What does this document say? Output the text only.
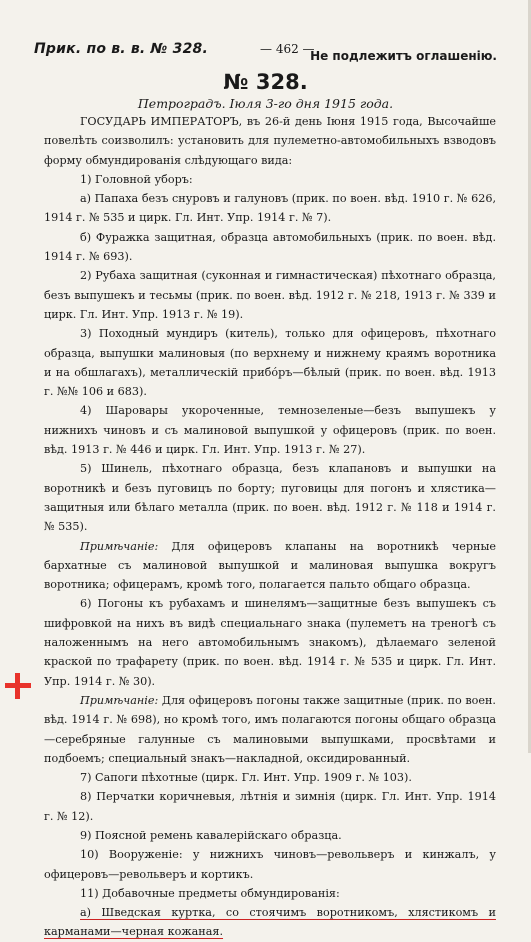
Прик. по в. в. № 328.	— 462 —
Не подлежитъ оглашенію.
№ 328.
Петроградъ. Іюля 3-го дня 1915 года.

ГОСУДАРЬ ИМПЕРАТОРЪ, въ 26-й день Іюня 1915 года, Высочайше повелѣть соизволилъ: установить для пулеметно-автомобильныхъ взводовъ форму обмундированія слѣдующаго вида:

1) Головной уборъ:

а) Папаха безъ снуровъ и галуновъ (прик. по воен. вѣд. 1910 г. № 626, 1914 г. № 535 и цирк. Гл. Инт. Упр. 1914 г. № 7).

б) Фуражка защитная, образца автомобильныхъ (прик. по воен. вѣд. 1914 г. № 693).

2) Рубаха защитная (суконная и гимнастическая) пѣхотнаго образца, безъ выпушекъ и тесьмы (прик. по воен. вѣд. 1912 г. № 218, 1913 г. № 339 и цирк. Гл. Инт. Упр. 1913 г. № 19).

3) Походный мундиръ (китель), только для офицеровъ, пѣхотнаго образца, выпушки малиновыя (по верхнему и нижнему краямъ воротника и на обшлагахъ), металлическій прибо́ръ—бѣлый (прик. по воен. вѣд. 1913 г. №№ 106 и 683).

4) Шаровары укороченные, темнозеленые—безъ выпушекъ у нижнихъ чиновъ и съ малиновой выпушкой у офицеровъ (прик. по воен. вѣд. 1913 г. № 446 и цирк. Гл. Инт. Упр. 1913 г. № 27).

5) Шинель, пѣхотнаго образца, безъ клапановъ и выпушки на воротникѣ и безъ пуговицъ по борту; пуговицы для погонъ и хлястика—защитныя или бѣлаго металла (прик. по воен. вѣд. 1912 г. № 118 и 1914 г. № 535).

Примѣчаніе: Для офицеровъ клапаны на воротникѣ черные бархатные съ малиновой выпушкой и малиновая выпушка вокругъ воротника; офицерамъ, кромѣ того, полагается пальто общаго образца.

6) Погоны къ рубахамъ и шинелямъ—защитные безъ выпушекъ съ шифровкой на нихъ въ видѣ специальнаго знака (пулеметъ на треногѣ съ наложеннымъ на него автомобильнымъ знакомъ), дѣлаемаго зеленой краской по трафарету (прик. по воен. вѣд. 1914 г. № 535 и цирк. Гл. Инт. Упр. 1914 г. № 30).

Примѣчаніе: Для офицеровъ погоны также защитные (прик. по воен. вѣд. 1914 г. № 698), но кромѣ того, имъ полагаются погоны общаго образца—серебряные галунные съ малиновыми выпушками, просвѣтами и подбоемъ; специальный знакъ—накладной, оксидированный.

7) Сапоги пѣхотные (цирк. Гл. Инт. Упр. 1909 г. № 103).

8) Перчатки коричневыя, лѣтнія и зимнія (цирк. Гл. Инт. Упр. 1914 г. № 12).

9) Поясной ремень кавалерійскаго образца.

10) Вооруженіе: у нижнихъ чиновъ—револьверъ и кинжалъ, у офицеровъ—револьверъ и кортикъ.

11) Добавочные предметы обмундированія:

а) Шведская куртка, со стоячимъ воротникомъ, хлястикомъ и карманами—черная кожаная.
